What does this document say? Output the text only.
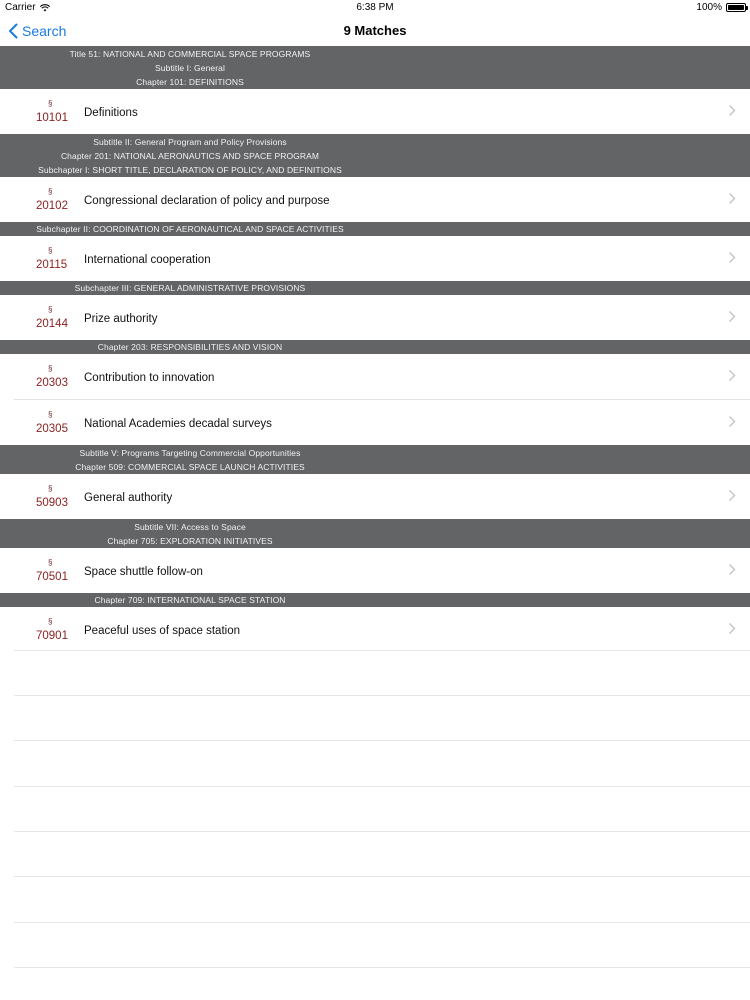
Carrier	6:38 PM	100%
Search	9 Matches
Title 51: NATIONAL AND COMMERCIAL SPACE PROGRAMS
Subtitle I: General
Chapter 101: DEFINITIONS
§
10101 Definitions
Subtitle II: General Program and Policy Provisions
Chapter 201: NATIONAL AERONAUTICS AND SPACE PROGRAM
Subchapter I: SHORT TITLE, DECLARATION OF POLICY, AND DEFINITIONS
§
20102 Congressional declaration of policy and purpose
Subchapter II: COORDINATION OF AERONAUTICAL AND SPACE ACTIVITIES
§
20115 International cooperation
Subchapter III: GENERAL ADMINISTRATIVE PROVISIONS
§
20144 Prize authority
Chapter 203: RESPONSIBILITIES AND VISION
§
20303 Contribution to innovation
§
20305 National Academies decadal surveys
Subtitle V: Programs Targeting Commercial Opportunities
Chapter 509: COMMERCIAL SPACE LAUNCH ACTIVITIES
§
50903 General authority
Subtitle VII: Access to Space
Chapter 705: EXPLORATION INITIATIVES
§
70501 Space shuttle follow-on
Chapter 709: INTERNATIONAL SPACE STATION
§
70901 Peaceful uses of space station
